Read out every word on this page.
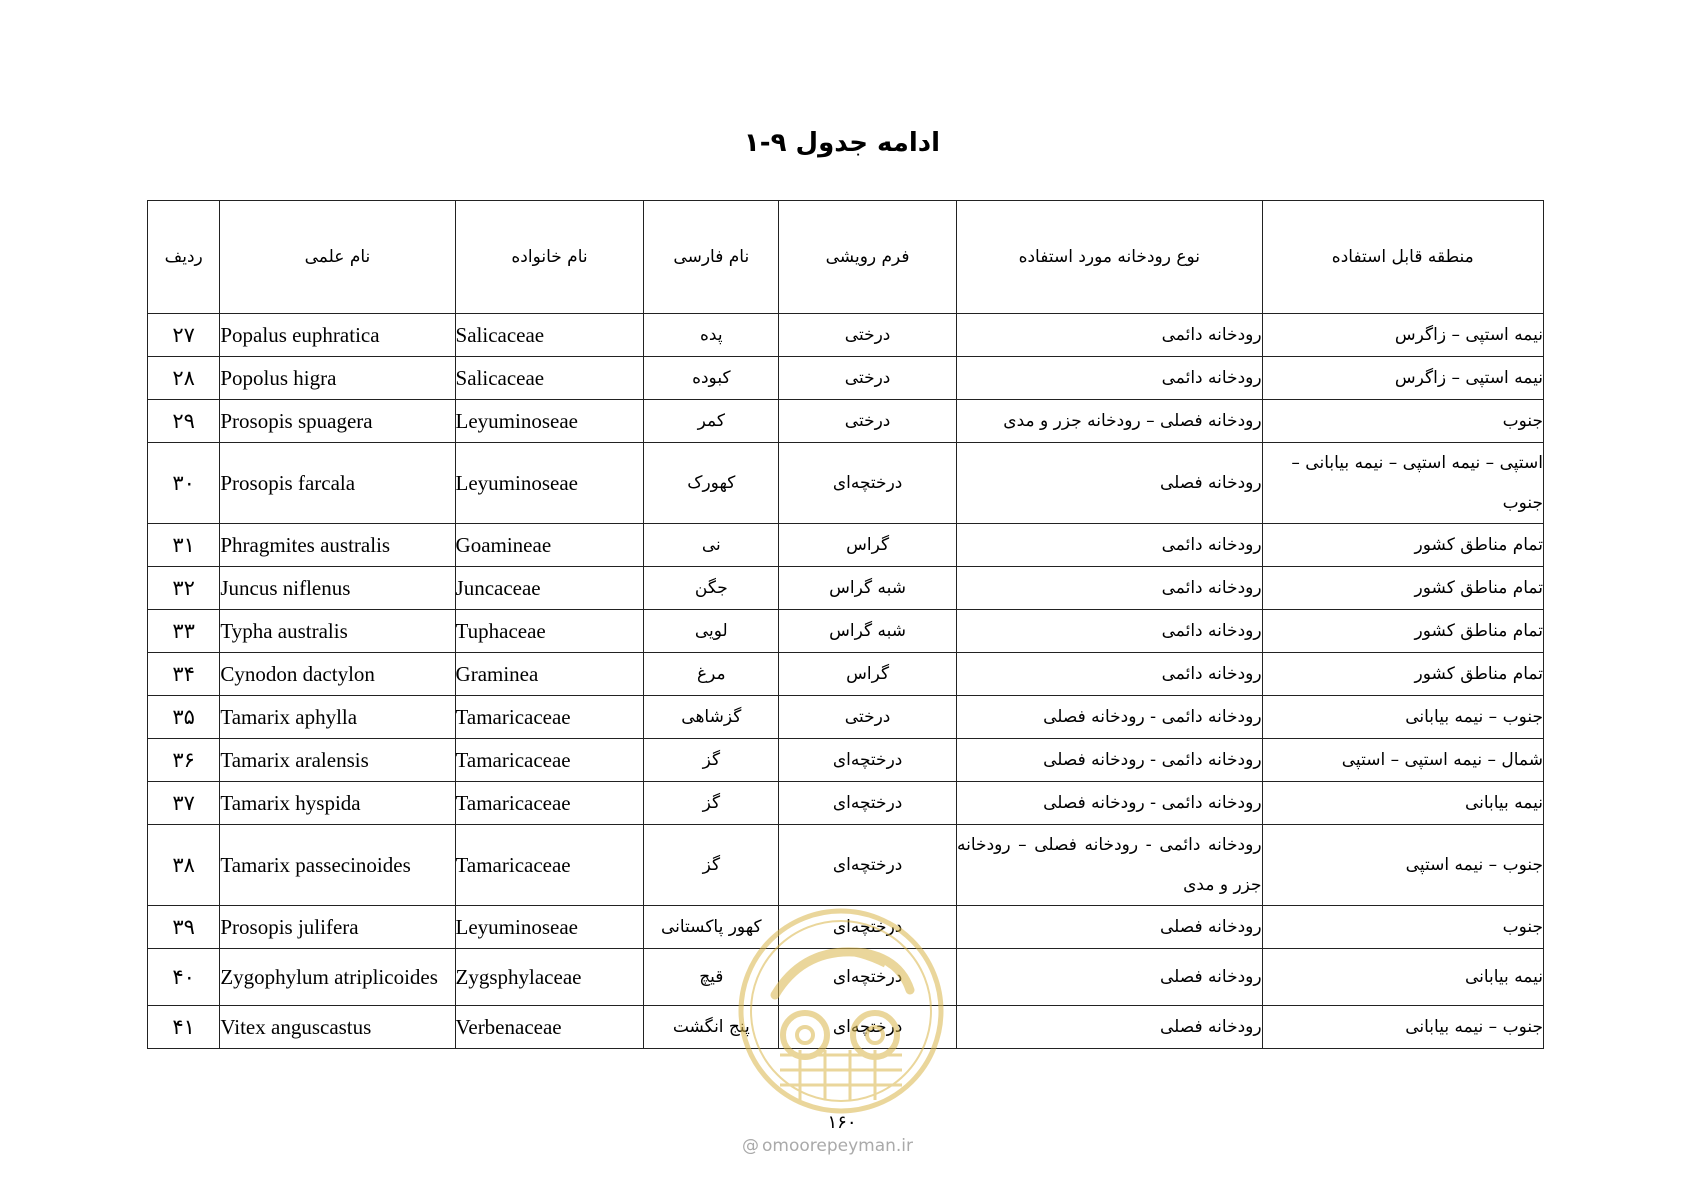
ادامه جدول ۹-۱
ردیف	نام علمی	نام خانواده	نام فارسی	فرم رویشی	نوع رودخانه مورد استفاده	منطقه قابل استفاده
۲۷	Popalus euphratica	Salicaceae	پده	درختی	رودخانه دائمی	نیمه استپی – زاگرس
۲۸	Popolus higra	Salicaceae	کبوده	درختی	رودخانه دائمی	نیمه استپی – زاگرس
۲۹	Prosopis spuagera	Leyuminoseae	کمر	درختی	رودخانه فصلی – رودخانه جزر و مدی	جنوب
۳۰	Prosopis farcala	Leyuminoseae	کهورک	درختچه‌ای	رودخانه فصلی	استپی – نیمه استپی – نیمه بیابانی – جنوب
۳۱	Phragmites australis	Goamineae	نی	گراس	رودخانه دائمی	تمام مناطق کشور
۳۲	Juncus niflenus	Juncaceae	جگن	شبه گراس	رودخانه دائمی	تمام مناطق کشور
۳۳	Typha australis	Tuphaceae	لویی	شبه گراس	رودخانه دائمی	تمام مناطق کشور
۳۴	Cynodon dactylon	Graminea	مرغ	گراس	رودخانه دائمی	تمام مناطق کشور
۳۵	Tamarix aphylla	Tamaricaceae	گزشاهی	درختی	رودخانه دائمی - رودخانه فصلی	جنوب – نیمه بیابانی
۳۶	Tamarix aralensis	Tamaricaceae	گز	درختچه‌ای	رودخانه دائمی - رودخانه فصلی	شمال – نیمه استپی – استپی
۳۷	Tamarix hyspida	Tamaricaceae	گز	درختچه‌ای	رودخانه دائمی - رودخانه فصلی	نیمه بیابانی
۳۸	Tamarix passecinoides	Tamaricaceae	گز	درختچه‌ای	رودخانه دائمی - رودخانه فصلی – رودخانه جزر و مدی	جنوب – نیمه استپی
۳۹	Prosopis julifera	Leyuminoseae	کهور پاکستانی	درختچه‌ای	رودخانه فصلی	جنوب
۴۰	Zygophylum atriplicoides	Zygsphylaceae	قیچ	درختچه‌ای	رودخانه فصلی	نیمه بیابانی
۴۱	Vitex anguscastus	Verbenaceae	پنج انگشت	درختچه‌ای	رودخانه فصلی	جنوب – نیمه بیابانی
۱۶۰
@ omoorepeyman.ir
